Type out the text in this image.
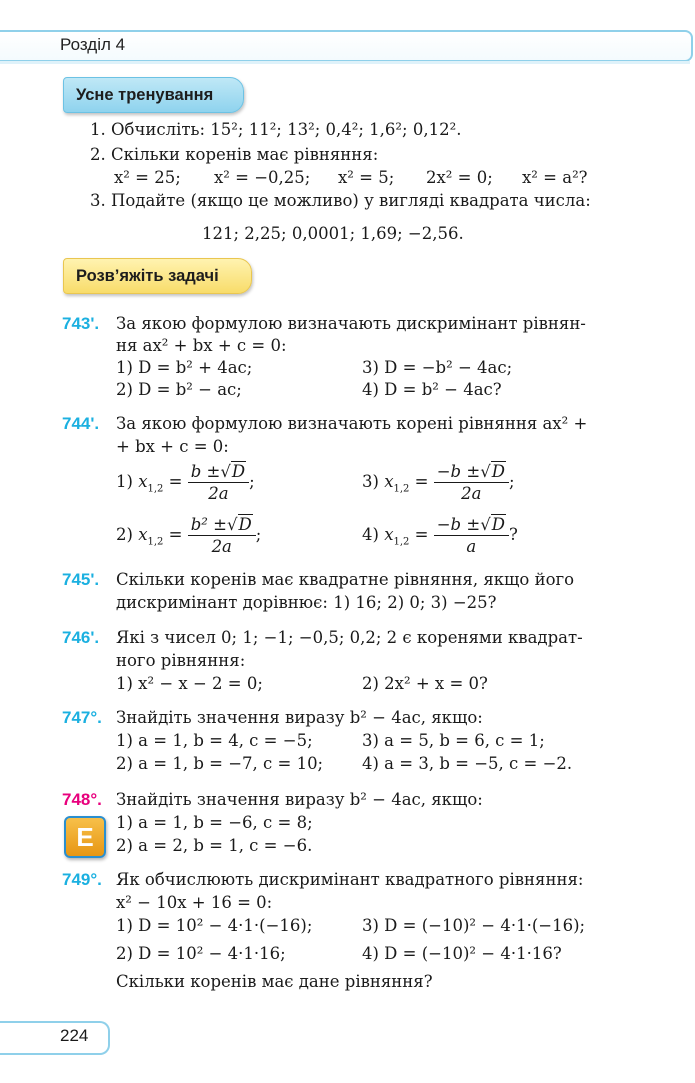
Розділ 4
Усне тренування
1. Обчисліть: 15²; 11²; 13²; 0,4²; 1,6²; 0,12².
2. Скільки коренів має рівняння:
x² = 25; x² = −0,25; x² = 5; 2x² = 0; x² = a²?
3. Подайте (якщо це можливо) у вигляді квадрата числа:
121; 2,25; 0,0001; 1,69; −2,56.
Розв’яжіть задачі
743'. За якою формулою визначають дискримінант рівнян-
ня ax² + bx + c = 0:
1) D = b² + 4ac;
2) D = b² − ac;
3) D = −b² − 4ac;
4) D = b² − 4ac?
744'. За якою формулою визначають корені рівняння ax² +
+ bx + c = 0:
1) $x_{1,2} = \frac{b \pm√D}{2a}$ ;
2) $x_{1,2} = \frac{\text{b² ±√D}}{2a}$ ;
3) $x_{1,2} = \frac{-b \pm√D}{2a}$ ;
4) $x_{1,2} = \frac{-b \pm√D}{a}$ ?
745'. Скільки коренів має квадратне рівняння, якщо його
дискримінант дорівнює: 1) 16; 2) 0; 3) −25?
746'. Які з чисел 0; 1; −1; −0,5; 0,2; 2 є коренями квадрат-
ного рівняння:
1) x² − x − 2 = 0;	2) 2x² + x = 0?
747°. Знайдіть значення виразу b² − 4ac, якщо:
1) a = 1, b = 4, c = −5;
2) a = 1, b = −7, c = 10;
3) a = 5, b = 6, c = 1;
4) a = 3, b = −5, c = −2.
748°.
E
Знайдіть значення виразу b² − 4ac, якщо:
1) a = 1, b = −6, c = 8;
2) a = 2, b = 1, c = −6.
749°. Як обчислюють дискримінант квадратного рівняння:
x² − 10x + 16 = 0:
1) D = 10² − 4·1·(−16);
2) D = 10² − 4·1·16;
3) D = (−10)² − 4·1·(−16);
4) D = (−10)² − 4·1·16?
Скільки коренів має дане рівняння?
224
